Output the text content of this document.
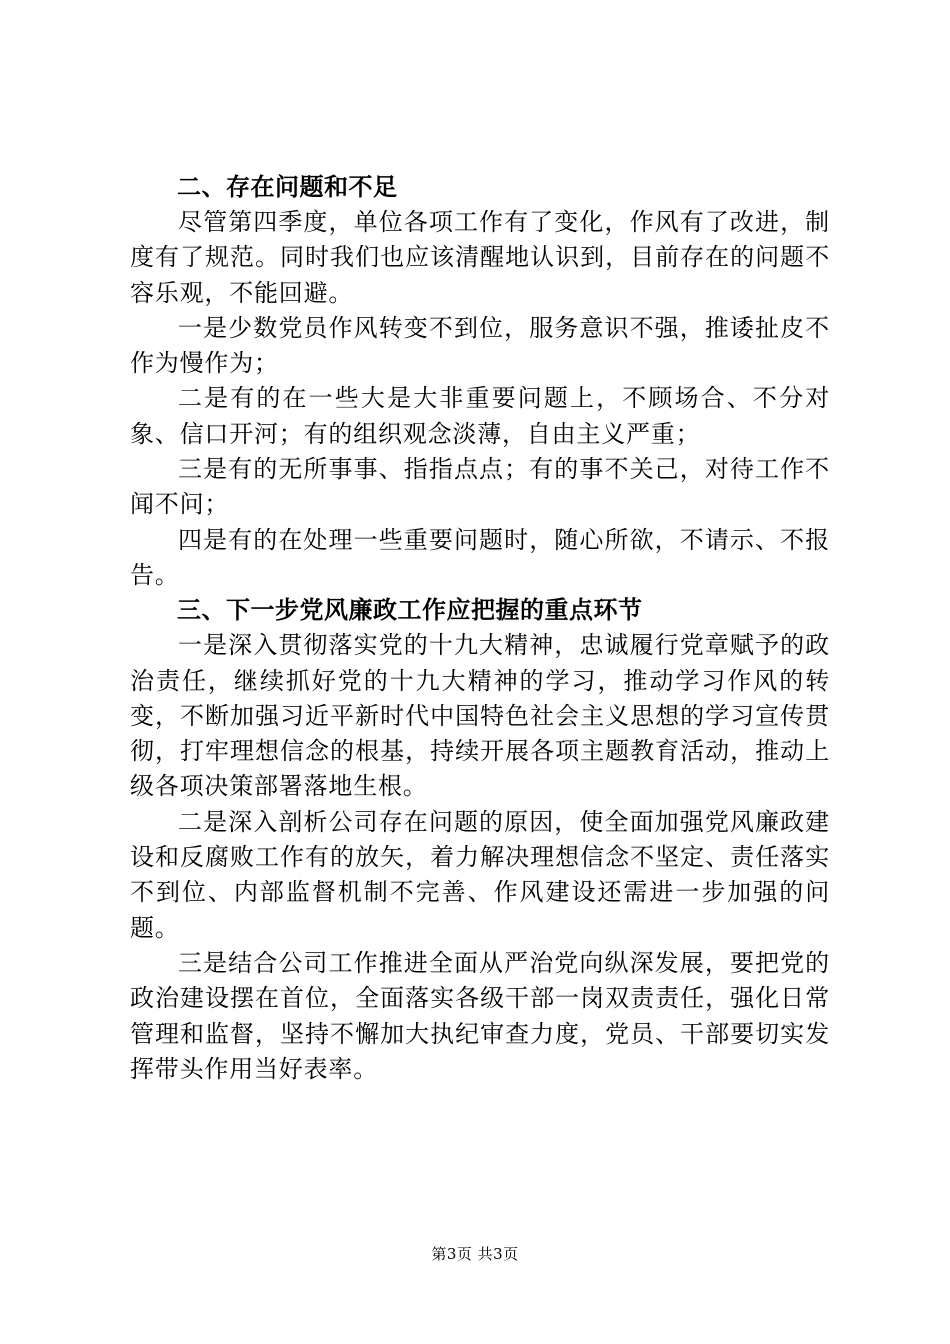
二、存在问题和不足

尽管第四季度，单位各项工作有了变化，作风有了改进，制度有了规范。同时我们也应该清醒地认识到，目前存在的问题不容乐观，不能回避。

一是少数党员作风转变不到位，服务意识不强，推诿扯皮不作为慢作为；

二是有的在一些大是大非重要问题上，不顾场合、不分对象、信口开河；有的组织观念淡薄，自由主义严重；

三是有的无所事事、指指点点；有的事不关己，对待工作不闻不问；

四是有的在处理一些重要问题时，随心所欲，不请示、不报告。

三、下一步党风廉政工作应把握的重点环节

一是深入贯彻落实党的十九大精神，忠诚履行党章赋予的政治责任，继续抓好党的十九大精神的学习，推动学习作风的转变，不断加强习近平新时代中国特色社会主义思想的学习宣传贯彻，打牢理想信念的根基，持续开展各项主题教育活动，推动上级各项决策部署落地生根。

二是深入剖析公司存在问题的原因，使全面加强党风廉政建设和反腐败工作有的放矢，着力解决理想信念不坚定、责任落实不到位、内部监督机制不完善、作风建设还需进一步加强的问题。

三是结合公司工作推进全面从严治党向纵深发展，要把党的政治建设摆在首位，全面落实各级干部一岗双责责任，强化日常管理和监督，坚持不懈加大执纪审查力度，党员、干部要切实发挥带头作用当好表率。

第3页 共3页
